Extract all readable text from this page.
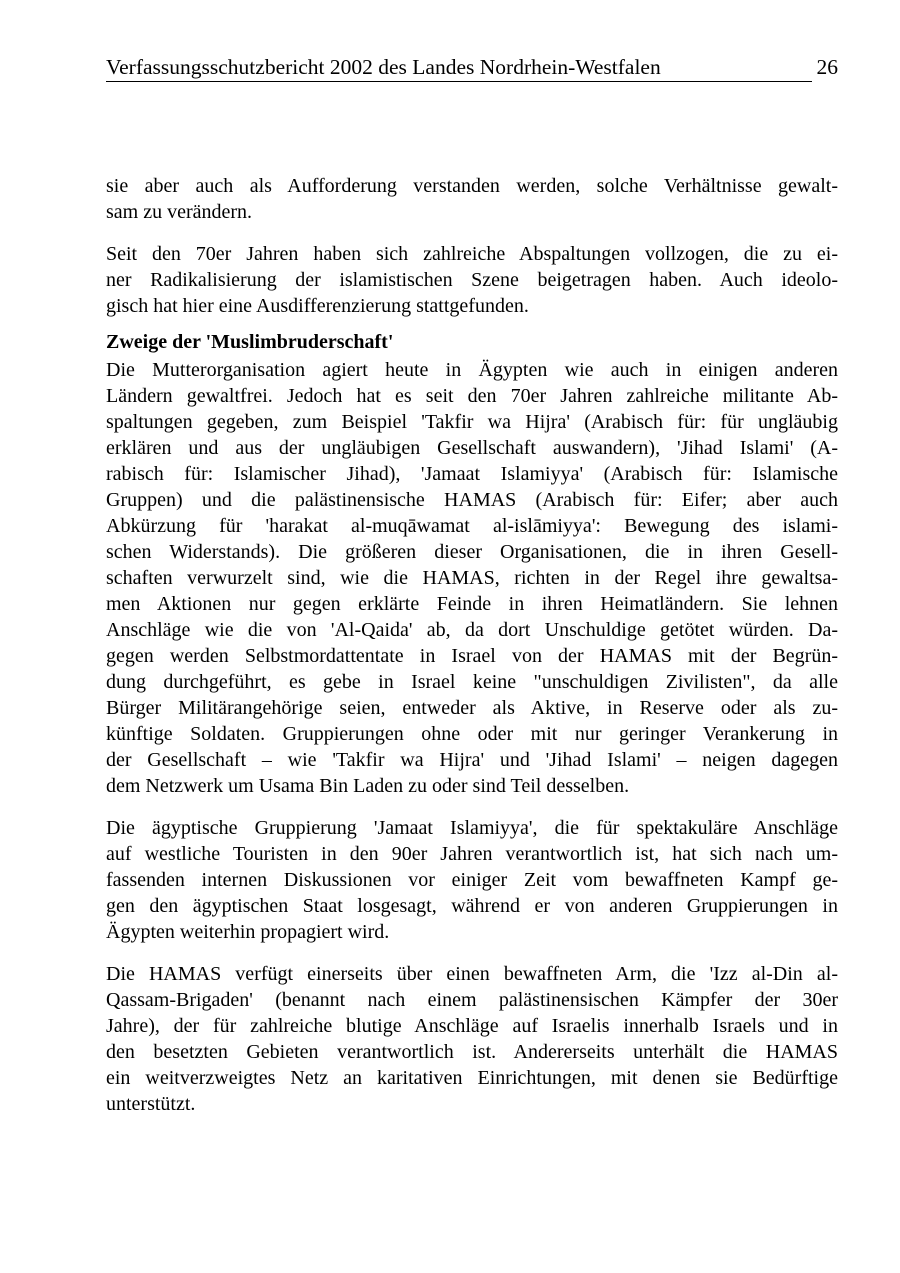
Verfassungsschutzbericht 2002 des Landes Nordrhein-Westfalen	26

sie aber auch als Aufforderung verstanden werden, solche Verhältnisse gewalt-
sam zu verändern.

Seit den 70er Jahren haben sich zahlreiche Abspaltungen vollzogen, die zu ei-
ner Radikalisierung der islamistischen Szene beigetragen haben. Auch ideolo-
gisch hat hier eine Ausdifferenzierung stattgefunden.

Zweige der 'Muslimbruderschaft'

Die Mutterorganisation agiert heute in Ägypten wie auch in einigen anderen
Ländern gewaltfrei. Jedoch hat es seit den 70er Jahren zahlreiche militante Ab-
spaltungen gegeben, zum Beispiel 'Takfir wa Hijra' (Arabisch für: für ungläubig
erklären und aus der ungläubigen Gesellschaft auswandern), 'Jihad Islami' (A-
rabisch für: Islamischer Jihad), 'Jamaat Islamiyya' (Arabisch für: Islamische
Gruppen) und die palästinensische HAMAS (Arabisch für: Eifer; aber auch
Abkürzung für 'harakat al-muqāwamat al-islāmiyya': Bewegung des islami-
schen Widerstands). Die größeren dieser Organisationen, die in ihren Gesell-
schaften verwurzelt sind, wie die HAMAS, richten in der Regel ihre gewaltsa-
men Aktionen nur gegen erklärte Feinde in ihren Heimatländern. Sie lehnen
Anschläge wie die von 'Al-Qaida' ab, da dort Unschuldige getötet würden. Da-
gegen werden Selbstmordattentate in Israel von der HAMAS mit der Begrün-
dung durchgeführt, es gebe in Israel keine "unschuldigen Zivilisten", da alle
Bürger Militärangehörige seien, entweder als Aktive, in Reserve oder als zu-
künftige Soldaten. Gruppierungen ohne oder mit nur geringer Verankerung in
der Gesellschaft – wie 'Takfir wa Hijra' und 'Jihad Islami' – neigen dagegen
dem Netzwerk um Usama Bin Laden zu oder sind Teil desselben.

Die ägyptische Gruppierung 'Jamaat Islamiyya', die für spektakuläre Anschläge
auf westliche Touristen in den 90er Jahren verantwortlich ist, hat sich nach um-
fassenden internen Diskussionen vor einiger Zeit vom bewaffneten Kampf ge-
gen den ägyptischen Staat losgesagt, während er von anderen Gruppierungen in
Ägypten weiterhin propagiert wird.

Die HAMAS verfügt einerseits über einen bewaffneten Arm, die 'Izz al-Din al-
Qassam-Brigaden' (benannt nach einem palästinensischen Kämpfer der 30er
Jahre), der für zahlreiche blutige Anschläge auf Israelis innerhalb Israels und in
den besetzten Gebieten verantwortlich ist. Andererseits unterhält die HAMAS
ein weitverzweigtes Netz an karitativen Einrichtungen, mit denen sie Bedürftige
unterstützt.
